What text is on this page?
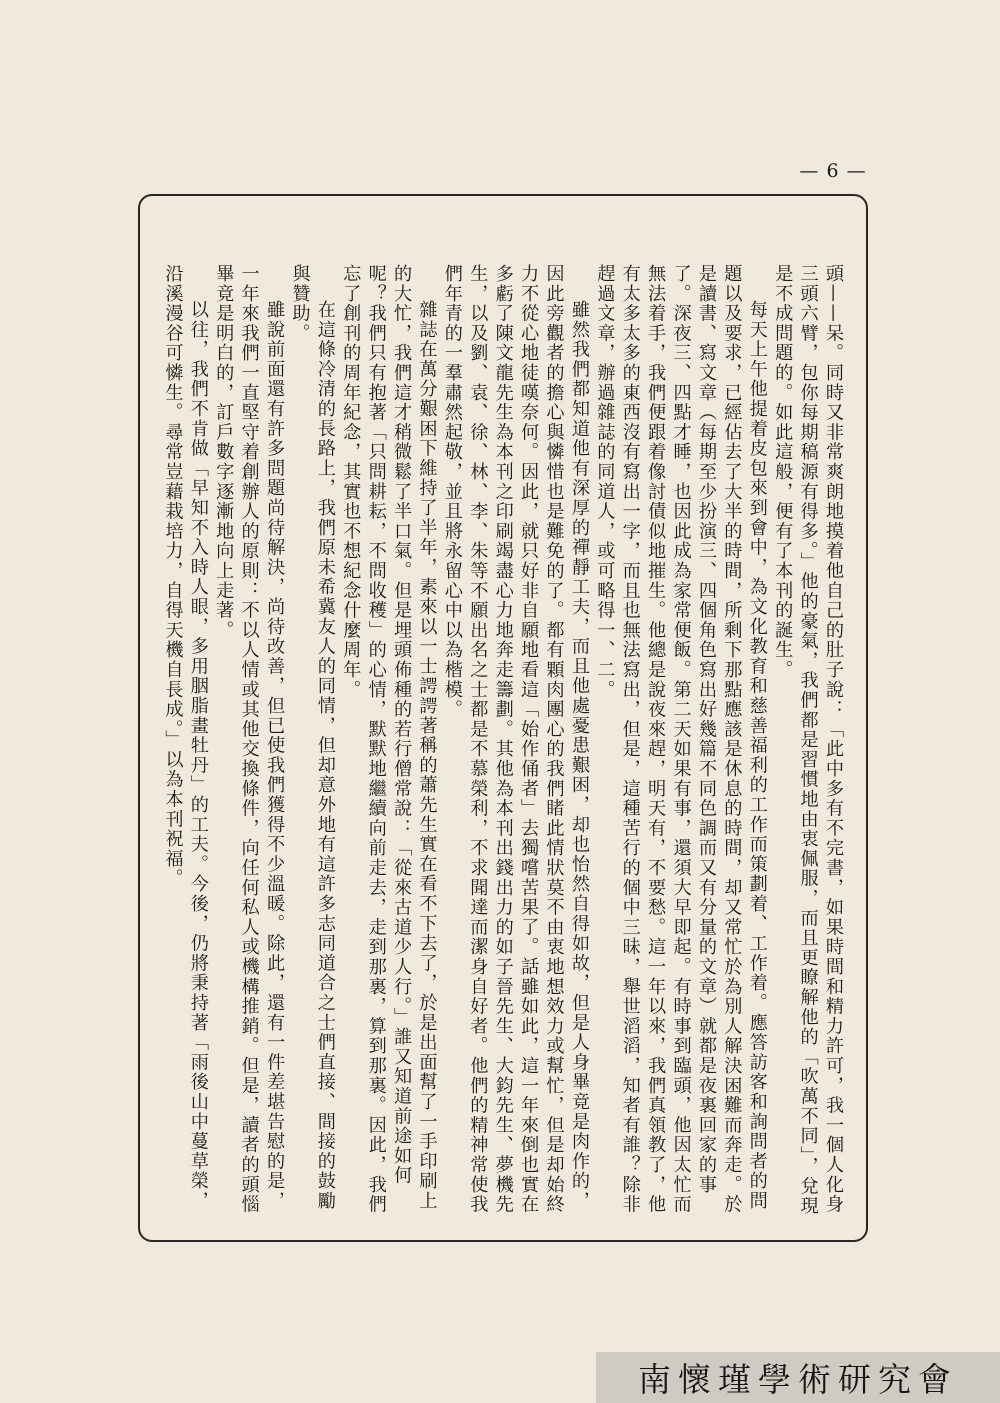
— 6 —

頭——呆。同時又非常爽朗地摸着他自己的肚子說：「此中多有不完書，如果時間和精力許可，我一個人化身三頭六臂，包你每期稿源有得多。」他的豪氣，我們都是習慣地由衷佩服，而且更瞭解他的「吹萬不同」，兌現是不成問題的。如此這般，便有了本刊的誕生。

每天上午他提着皮包來到會中，為文化教育和慈善福利的工作而策劃着、工作着。應答訪客和詢問者的問題以及要求，已經佔去了大半的時間，所剩下那點應該是休息的時間，却又常忙於為別人解決困難而奔走。於是讀書、寫文章（每期至少扮演三、四個角色寫出好幾篇不同色調而又有分量的文章）就都是夜裏回家的事了。深夜三、四點才睡，也因此成為家常便飯。第二天如果有事，還須大早即起。有時事到臨頭，他因太忙而無法着手，我們便跟着像討債似地摧生。他總是說夜來趕，明天有，不要愁。這一年以來，我們真領教了，他有太多太多的東西沒有寫出一字，而且也無法寫出，但是，這種苦行的個中三昧，舉世滔滔，知者有誰？除非趕過文章，辦過雜誌的同道人，或可略得一、二。

雖然我們都知道他有深厚的禪靜工夫，而且他處憂患艱困，却也怡然自得如故，但是人身畢竟是肉作的，因此旁觀者的擔心與憐惜也是難免的了。都有顆肉團心的我們睹此情狀莫不由衷地想效力或幫忙，但是却始終力不從心地徒嘆奈何。因此，就只好非自願地看這「始作俑者」去獨嚐苦果了。話雖如此，這一年來倒也實在多虧了陳文龍先生為本刊之印刷竭盡心力地奔走籌劃。其他為本刊出錢出力的如子晉先生、大鈞先生、夢機先生，以及劉、袁、徐、林、李、朱等不願出名之士都是不慕榮利，不求聞達而潔身自好者。他們的精神常使我們年青的一羣肅然起敬，並且將永留心中以為楷模。

雜誌在萬分艱困下維持了半年，素來以一士諤諤著稱的蕭先生實在看不下去了，於是出面幫了一手印刷上的大忙，我們這才稍微鬆了半口氣。但是埋頭佈種的若行僧常說：「從來古道少人行。」誰又知道前途如何呢？我們只有抱著「只問耕耘，不問收穫」的心情，默默地繼續向前走去，走到那裏，算到那裏。因此，我們忘了創刊的周年紀念，其實也不想紀念什麼周年。

在這條冷清的長路上，我們原未希冀友人的同情，但却意外地有這許多志同道合之士們直接、間接的鼓勵與贊助。

雖說前面還有許多問題尚待解決，尚待改善，但已使我們獲得不少溫暖。除此，還有一件差堪告慰的是，一年來我們一直堅守着創辦人的原則：不以人情或其他交換條件，向任何私人或機構推銷。但是，讀者的頭惱畢竟是明白的，訂戶數字逐漸地向上走著。

以往，我們不肯做「早知不入時人眼，多用胭脂畫牡丹」的工夫。今後，仍將秉持著「雨後山中蔓草榮，沿溪漫谷可憐生。尋常豈藉栽培力，自得天機自長成。」以為本刊祝福。

南懷瑾學術研究會
